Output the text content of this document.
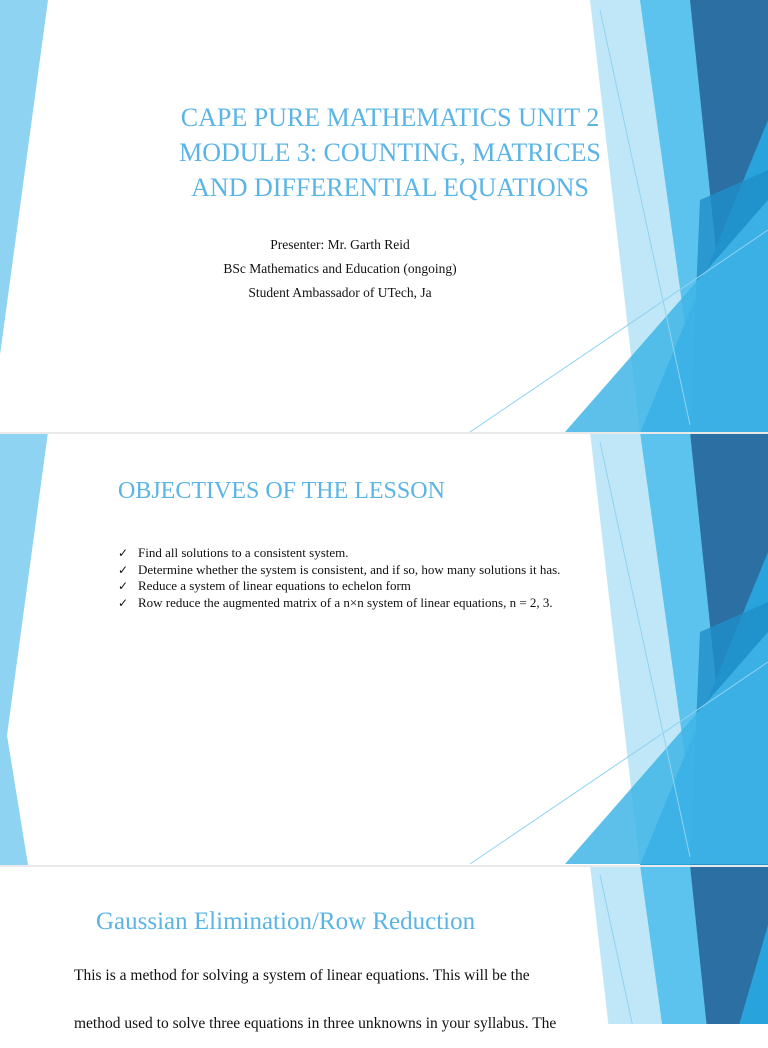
CAPE PURE MATHEMATICS UNIT 2
MODULE 3: COUNTING, MATRICES
AND DIFFERENTIAL EQUATIONS
Presenter: Mr. Garth Reid
BSc Mathematics and Education (ongoing)
Student Ambassador of UTech, Ja
OBJECTIVES OF THE LESSON
✓ Find all solutions to a consistent system.
✓ Determine whether the system is consistent, and if so, how many solutions it has.
✓ Reduce a system of linear equations to echelon form
✓ Row reduce the augmented matrix of a n×n system of linear equations, n = 2, 3.
Gaussian Elimination/Row Reduction
This is a method for solving a system of linear equations. This will be the
method used to solve three equations in three unknowns in your syllabus. The
